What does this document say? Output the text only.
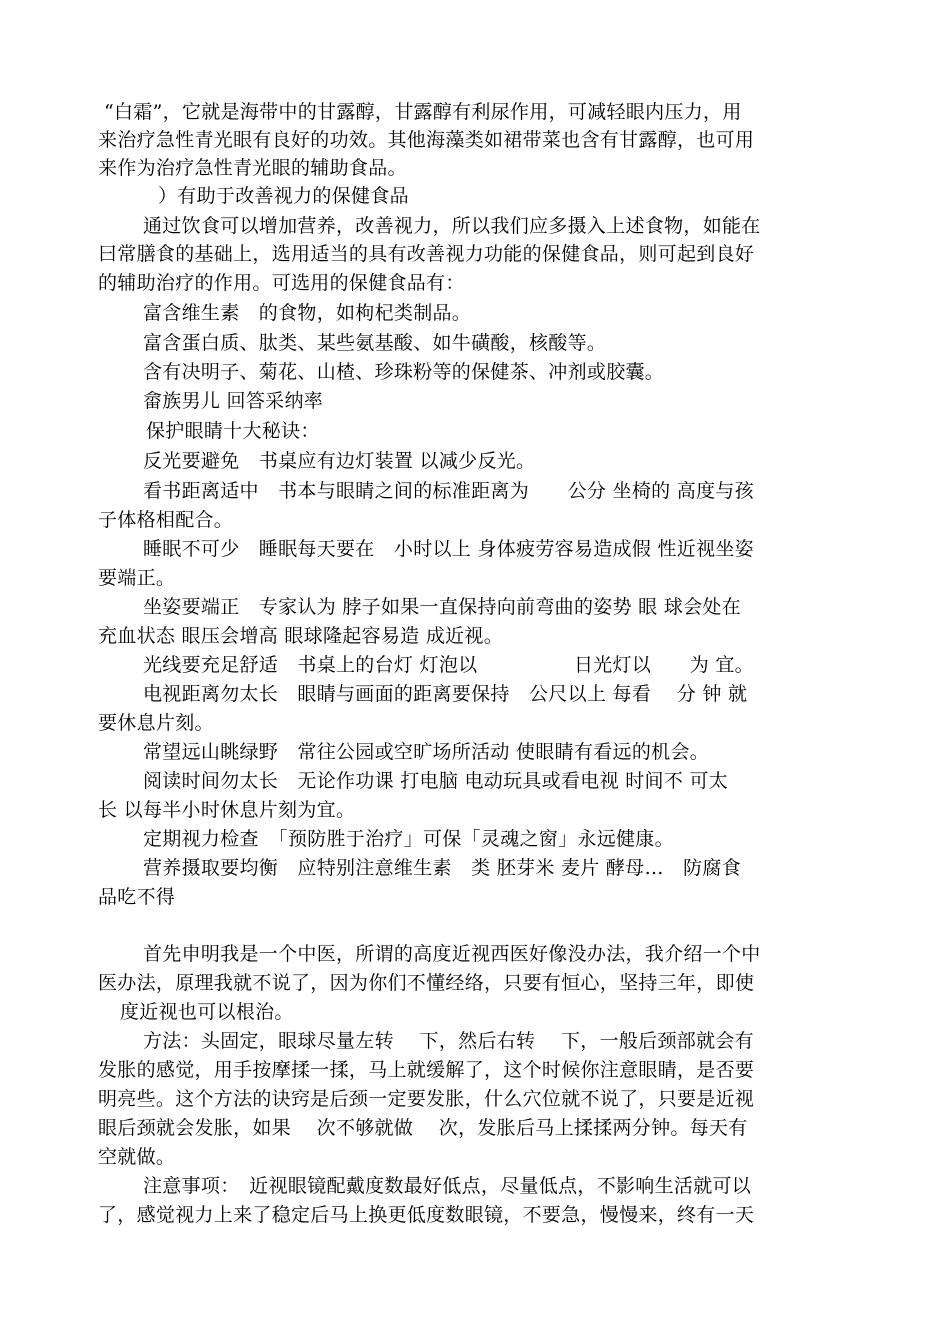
“白霜”，它就是海带中的甘露醇，甘露醇有利尿作用，可减轻眼内压力，用
来治疗急性青光眼有良好的功效。其他海藻类如裙带菜也含有甘露醇，也可用
来作为治疗急性青光眼的辅助食品。
）有助于改善视力的保健食品
通过饮食可以增加营养，改善视力，所以我们应多摄入上述食物，如能在
曰常膳食的基础上，选用适当的具有改善视力功能的保健食品，则可起到良好
的辅助治疗的作用。可选用的保健食品有：
富含维生素　的食物，如枸杞类制品。
富含蛋白质、肽类、某些氨基酸、如牛磺酸，核酸等。
含有决明子、菊花、山楂、珍珠粉等的保健茶、冲剂或胶囊。
畲族男儿 回答采纳率
保护眼睛十大秘诀：
反光要避免　书桌应有边灯装置 以减少反光。
看书距离适中　书本与眼睛之间的标准距离为　　公分 坐椅的 高度与孩
子体格相配合。
睡眠不可少　睡眠每天要在　小时以上 身体疲劳容易造成假 性近视坐姿
要端正。
坐姿要端正　专家认为 脖子如果一直保持向前弯曲的姿势 眼 球会处在
充血状态 眼压会增高 眼球隆起容易造 成近视。
光线要充足舒适　书桌上的台灯 灯泡以　　　　　日光灯以　　为 宜。
电视距离勿太长　眼睛与画面的距离要保持　公尺以上 每看　 分 钟 就
要休息片刻。
常望远山眺绿野　常往公园或空旷场所活动 使眼睛有看远的机会。
阅读时间勿太长　无论作功课 打电脑 电动玩具或看电视 时间不 可太
长 以每半小时休息片刻为宜。
定期视力检查　「预防胜于治疗」可保「灵魂之窗」永远健康。
营养摄取要均衡　应特别注意维生素　类 胚芽米 麦片 酵母…　防腐食
品吃不得
首先申明我是一个中医，所谓的高度近视西医好像没办法，我介绍一个中
医办法，原理我就不说了，因为你们不懂经络，只要有恒心，坚持三年，即使
度近视也可以根治。
方法：头固定，眼球尽量左转　 下，然后右转　 下，一般后颈部就会有
发胀的感觉，用手按摩揉一揉，马上就缓解了，这个时候你注意眼睛，是否要
明亮些。这个方法的诀窍是后颈一定要发胀，什么穴位就不说了，只要是近视
眼后颈就会发胀，如果　 次不够就做　 次，发胀后马上揉揉两分钟。每天有
空就做。
注意事项：　近视眼镜配戴度数最好低点，尽量低点，不影响生活就可以
了，感觉视力上来了稳定后马上换更低度数眼镜，不要急，慢慢来，终有一天
